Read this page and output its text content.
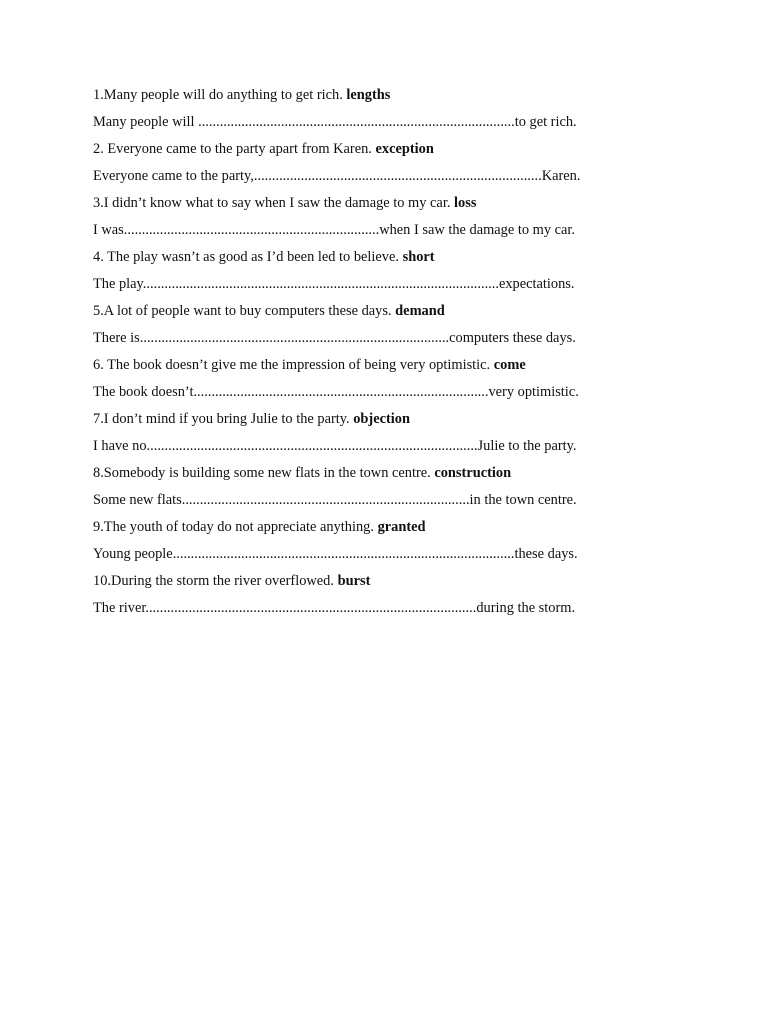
1.Many people will do anything to get rich. lengths
Many people will ........................................................................................to get rich.
2. Everyone came to the party apart from Karen. exception
Everyone came to the party,................................................................................Karen.
3.I didn’t know what to say when I saw the damage to my car. loss
I was.......................................................................when I saw the damage to my car.
4. The play wasn’t as good as I’d been led to believe. short
The play...................................................................................................expectations.
5.A lot of people want to buy computers these days. demand
There is......................................................................................computers these days.
6. The book doesn’t give me the impression of being very optimistic. come
The book doesn’t..................................................................................very optimistic.
7.I don’t mind if you bring Julie to the party. objection
I have no............................................................................................Julie to the party.
8.Somebody is building some new flats in the town centre. construction
Some new flats................................................................................in the town centre.
9.The youth of today do not appreciate anything. granted
Young people...............................................................................................these days.
10.During the storm the river overflowed. burst
The river............................................................................................during the storm.
